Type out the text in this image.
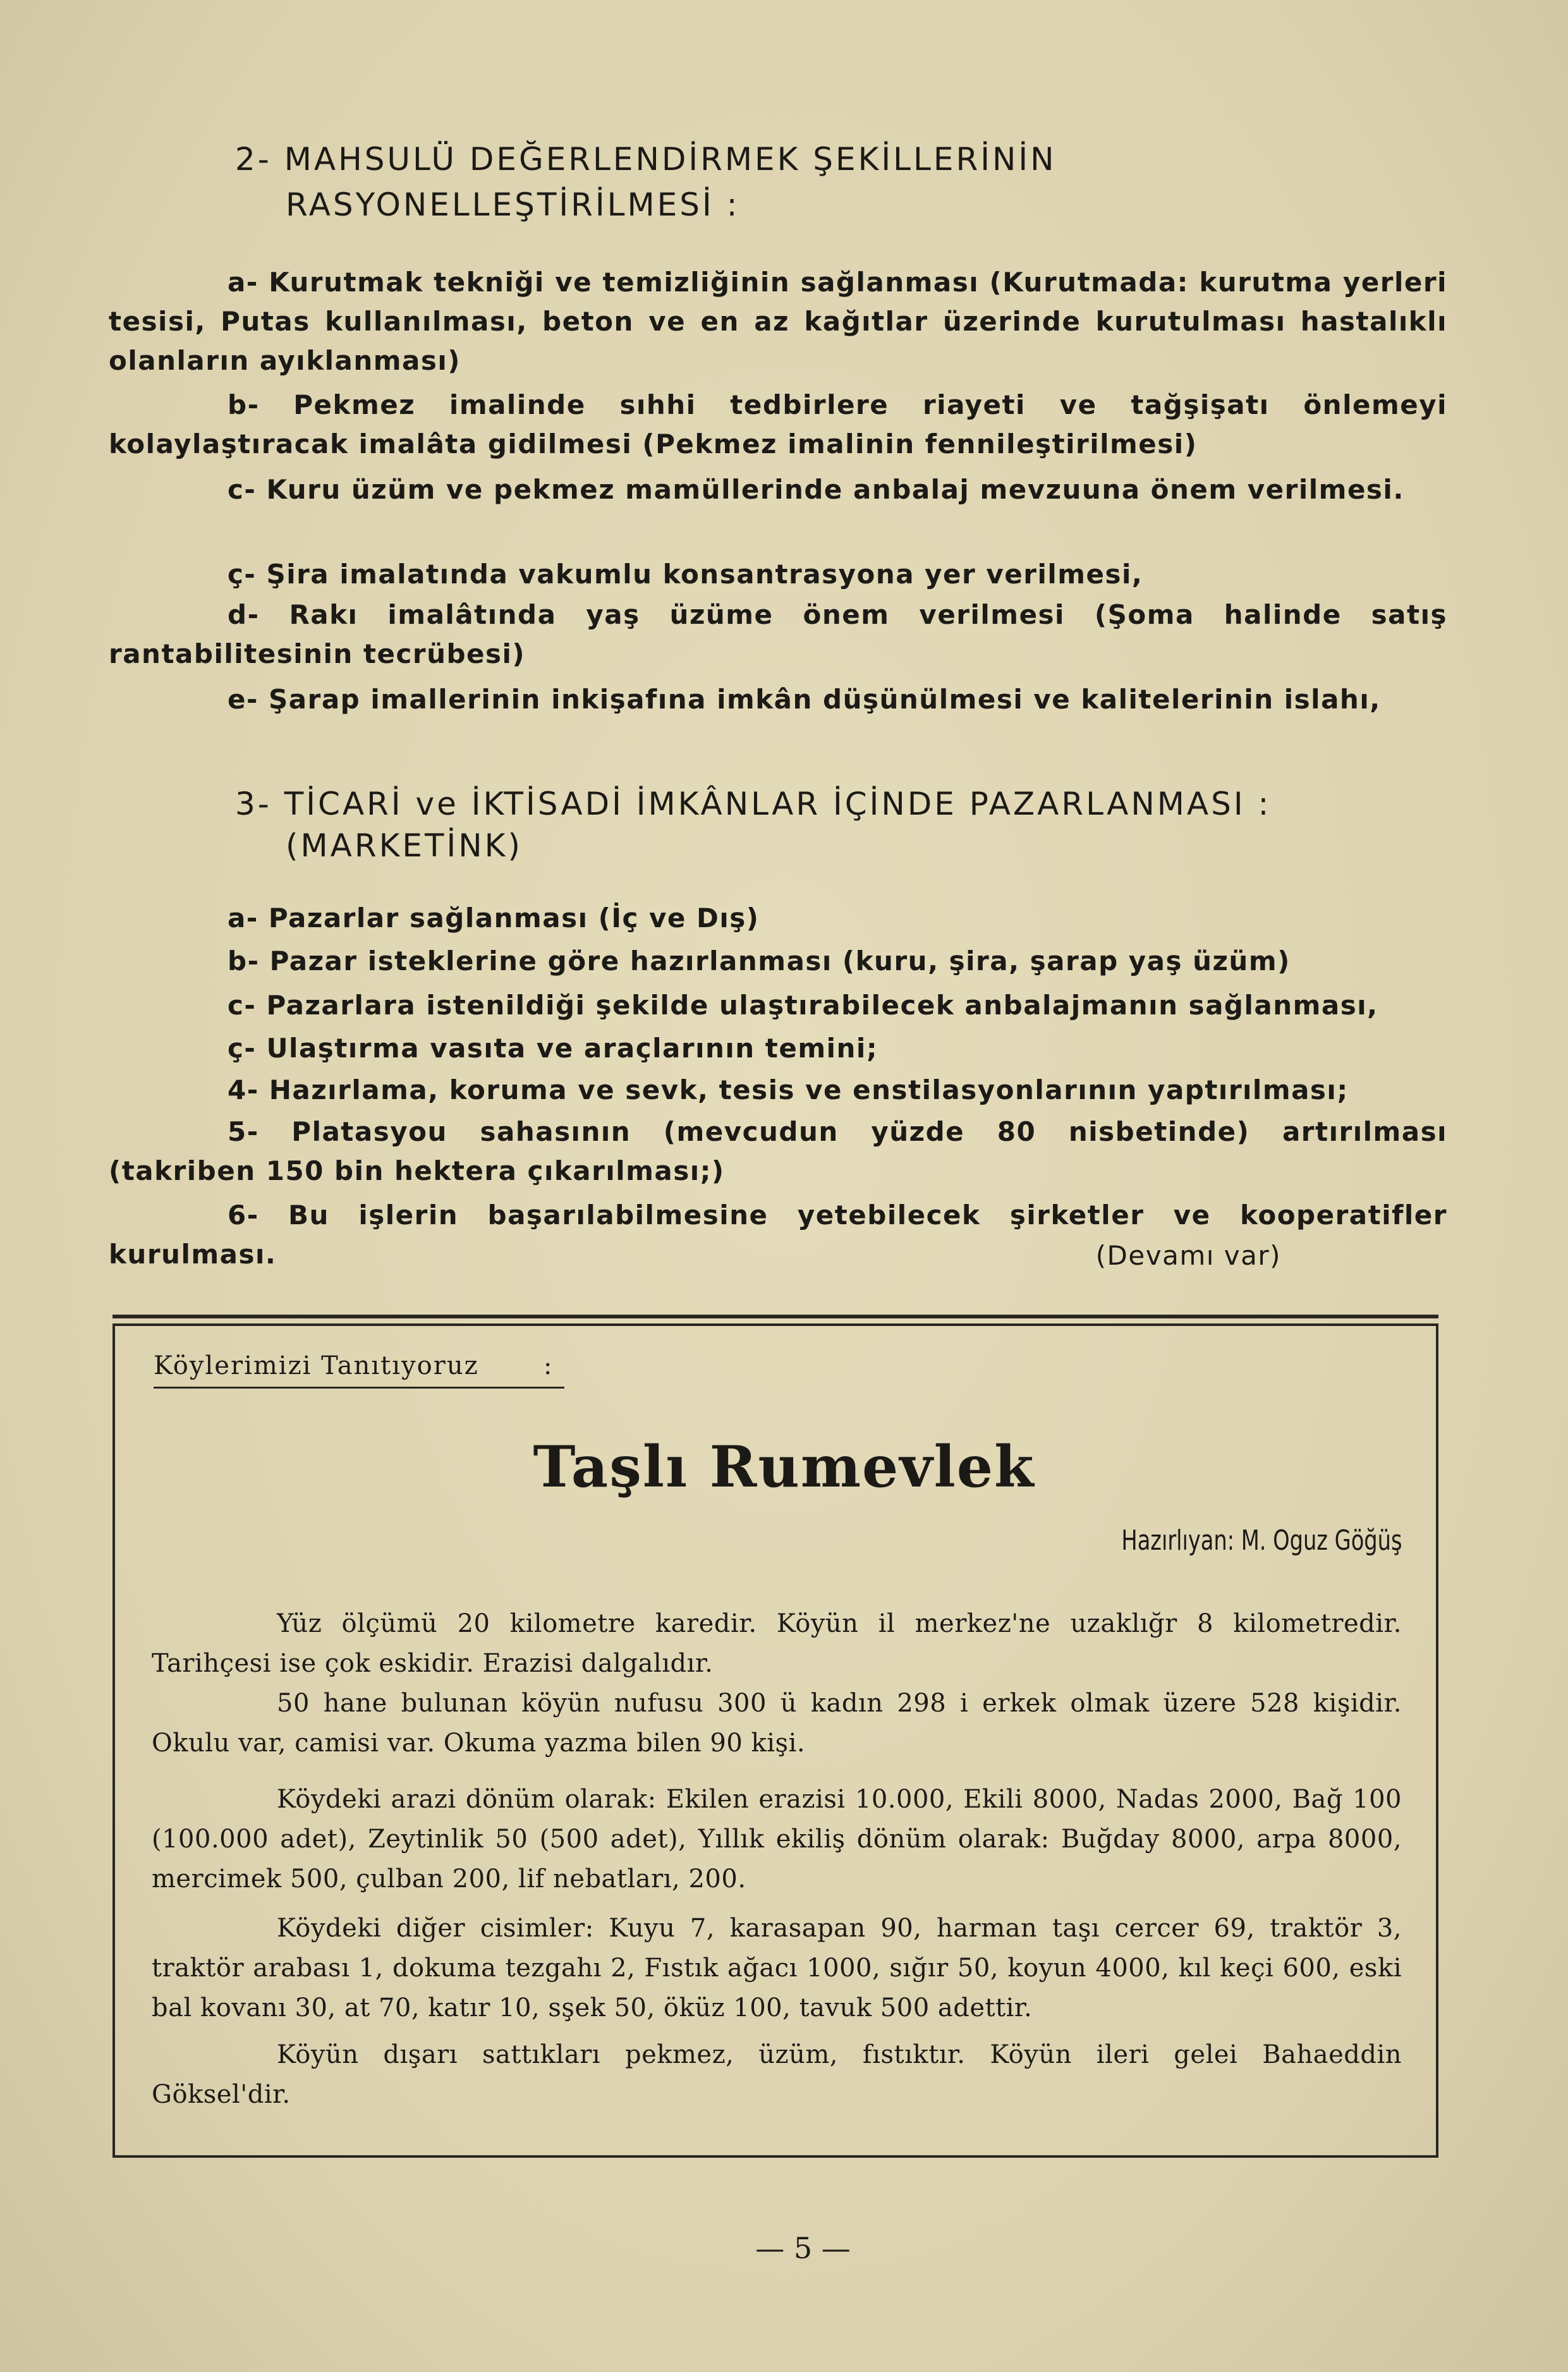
2- MAHSULÜ DEĞERLENDİRMEK ŞEKİLLERİNİN
RASYONELLEŞTİRİLMESİ :
a- Kurutmak tekniği ve temizliğinin sağlanması (Kurutmada: kurutma yerleri tesisi, Putas kullanılması, beton ve en az kağıtlar üzerinde kurutulması hastalıklı olanların ayıklanması)
b- Pekmez imalinde sıhhi tedbirlere riayeti ve tağşişatı önlemeyi kolaylaştıracak imalâta gidilmesi (Pekmez imalinin fennileştirilmesi)
c- Kuru üzüm ve pekmez mamüllerinde anbalaj mevzuuna önem verilmesi.
ç- Şira imalatında vakumlu konsantrasyona yer verilmesi,
d- Rakı imalâtında yaş üzüme önem verilmesi (Şoma halinde satış rantabilitesinin tecrübesi)
e- Şarap imallerinin inkişafına imkân düşünülmesi ve kalitelerinin islahı,
3- TİCARİ ve İKTİSADİ İMKÂNLAR İÇİNDE PAZARLANMASI :
(MARKETİNK)
a- Pazarlar sağlanması (İç ve Dış)
b- Pazar isteklerine göre hazırlanması (kuru, şira, şarap yaş üzüm)
c- Pazarlara istenildiği şekilde ulaştırabilecek anbalajmanın sağlanması,
ç- Ulaştırma vasıta ve araçlarının temini;
4- Hazırlama, koruma ve sevk, tesis ve enstilasyonlarının yaptırılması;
5- Platasyou sahasının (mevcudun yüzde 80 nisbetinde) artırılması (takriben 150 bin hektera çıkarılması;)
6- Bu işlerin başarılabilmesine yetebilecek şirketler ve kooperatifler kurulması.	(Devamı var)
Köylerimizi Tanıtıyoruz	:
Taşlı Rumevlek
Hazırlıyan: M. Oguz Göğüş
Yüz ölçümü 20 kilometre karedir. Köyün il merkez'ne uzaklığr 8 kilometredir. Tarihçesi ise çok eskidir. Erazisi dalgalıdır.
50 hane bulunan köyün nufusu 300 ü kadın 298 i erkek olmak üzere 528 kişidir. Okulu var, camisi var. Okuma yazma bilen 90 kişi.
Köydeki arazi dönüm olarak: Ekilen erazisi 10.000, Ekili 8000, Nadas 2000, Bağ 100 (100.000 adet), Zeytinlik 50 (500 adet), Yıllık ekiliş dönüm olarak: Buğday 8000, arpa 8000, mercimek 500, çulban 200, lif nebatları, 200.
Köydeki diğer cisimler: Kuyu 7, karasapan 90, harman taşı cercer 69, traktör 3, traktör arabası 1, dokuma tezgahı 2, Fıstık ağacı 1000, sığır 50, koyun 4000, kıl keçi 600, eski bal kovanı 30, at 70, katır 10, sşek 50, öküz 100, tavuk 500 adettir.
Köyün dışarı sattıkları pekmez, üzüm, fıstıktır. Köyün ileri gelei Bahaeddin Göksel'dir.
— 5 —
